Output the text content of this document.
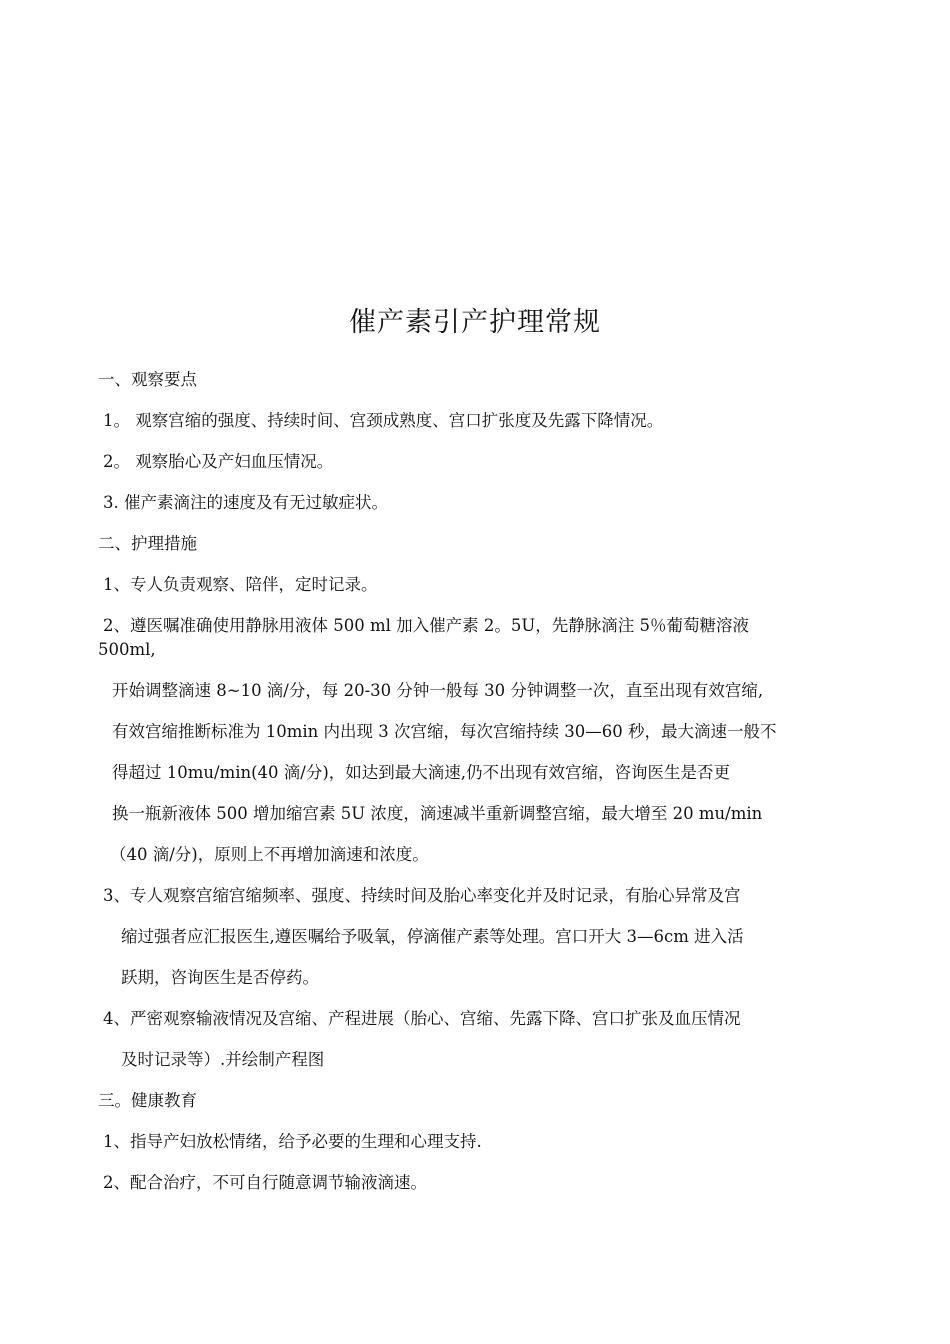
催产素引产护理常规
一、观察要点
1。 观察宫缩的强度、持续时间、宫颈成熟度、宫口扩张度及先露下降情况。
2。 观察胎心及产妇血压情况。
3. 催产素滴注的速度及有无过敏症状。
二、护理措施
1、专人负责观察、陪伴，定时记录。
2、遵医嘱准确使用静脉用液体 500 ml 加入催产素 2。5U，先静脉滴注 5％葡萄糖溶液
500ml,
开始调整滴速 8~10 滴/分，每 20-30 分钟一般每 30 分钟调整一次，直至出现有效宫缩,
有效宫缩推断标准为 10min 内出现 3 次宫缩，每次宫缩持续 30—60 秒，最大滴速一般不
得超过 10mu/min(40 滴/分)，如达到最大滴速,仍不出现有效宫缩，咨询医生是否更
换一瓶新液体 500 增加缩宫素 5U 浓度，滴速减半重新调整宫缩，最大增至 20 mu/min
（40 滴/分)，原则上不再增加滴速和浓度。
3、专人观察宫缩宫缩频率、强度、持续时间及胎心率变化并及时记录，有胎心异常及宫
缩过强者应汇报医生,遵医嘱给予吸氧，停滴催产素等处理。宫口开大 3—6cm 进入活
跃期，咨询医生是否停药。
4、严密观察输液情况及宫缩、产程进展（胎心、宫缩、先露下降、宫口扩张及血压情况
及时记录等）.并绘制产程图
三。健康教育
1、指导产妇放松情绪，给予必要的生理和心理支持.
2、配合治疗，不可自行随意调节输液滴速。
